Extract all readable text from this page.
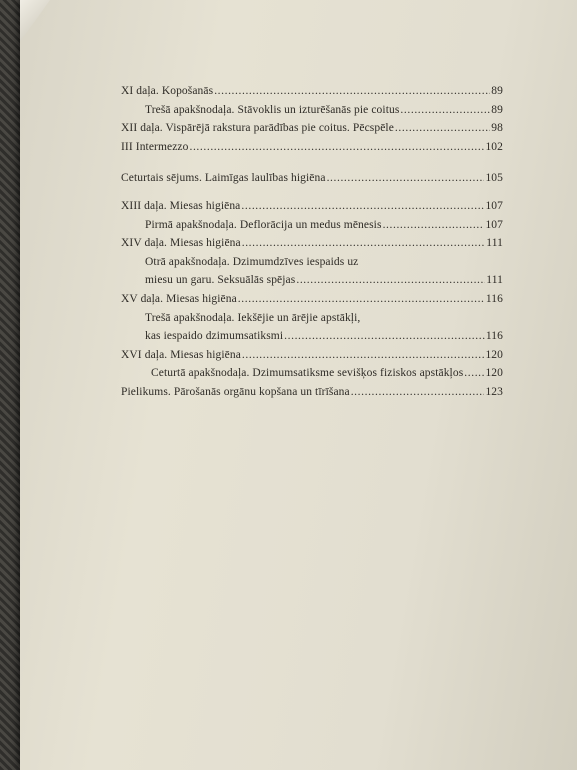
XI daļa. Kopošanās .....	89
Trešā apakšnodaļa. Stāvoklis un izturēšanās pie coitus .....	89
XII daļa. Vispārējā rakstura parādības pie coitus. Pēcspēle .....	98
III Intermezzo .....	102
Ceturtais sējums. Laimīgas laulības higiēna .....	105
XIII daļa. Miesas higiēna .....	107
Pirmā apakšnodaļa. Deflorācija un medus mēnesis .....	107
XIV daļa. Miesas higiēna .....	111
Otrā apakšnodaļa. Dzimumdzīves iespaids uz
miesu un garu. Seksuālās spējas .....	111
XV daļa. Miesas higiēna .....	116
Trešā apakšnodaļa. Iekšējie un ārējie apstākļi,
kas iespaido dzimumsatiksmi .....	116
XVI daļa. Miesas higiēna .....	120
Ceturtā apakšnodaļa. Dzimumsatiksme sevišķos fiziskos apstākļos ..... 120
Pielikums. Pārošanās orgānu kopšana un tīrīšana .....	123
